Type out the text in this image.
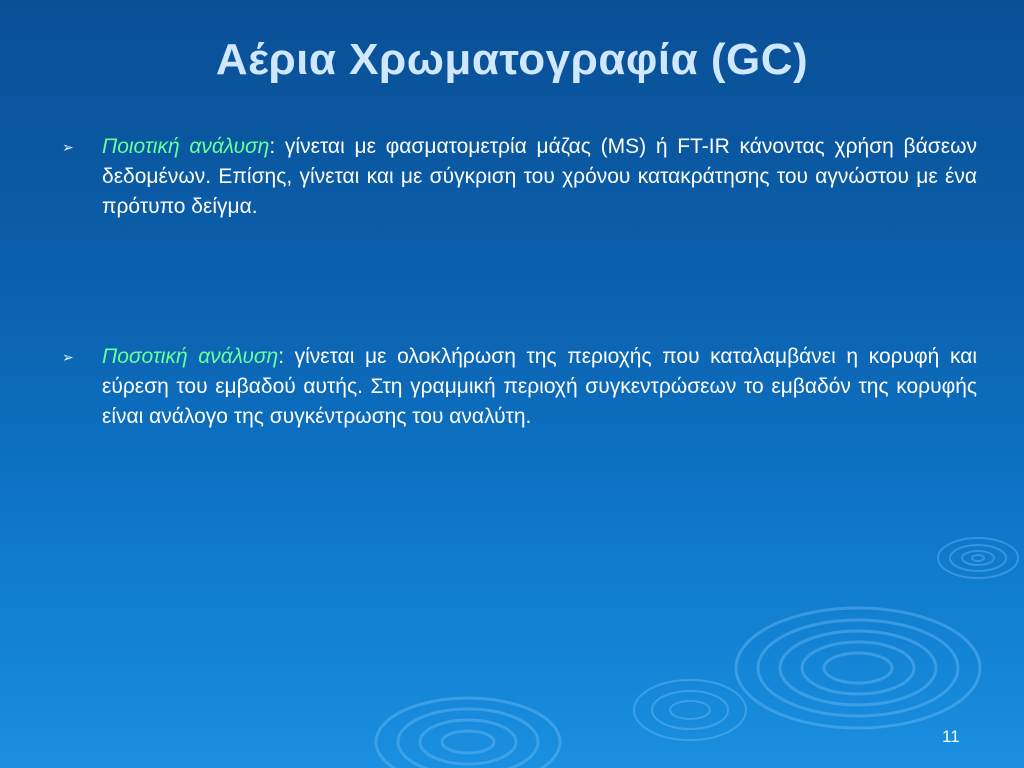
Αέρια Χρωματογραφία (GC)
➢ Ποιοτική ανάλυση: γίνεται με φασματομετρία μάζας (MS) ή FT-IR κάνοντας χρήση βάσεων δεδομένων. Επίσης, γίνεται και με σύγκριση του χρόνου κατακράτησης του αγνώστου με ένα πρότυπο δείγμα.
➢ Ποσοτική ανάλυση: γίνεται με ολοκλήρωση της περιοχής που καταλαμβάνει η κορυφή και εύρεση του εμβαδού αυτής. Στη γραμμική περιοχή συγκεντρώσεων το εμβαδόν της κορυφής είναι ανάλογο της συγκέντρωσης του αναλύτη.
11
